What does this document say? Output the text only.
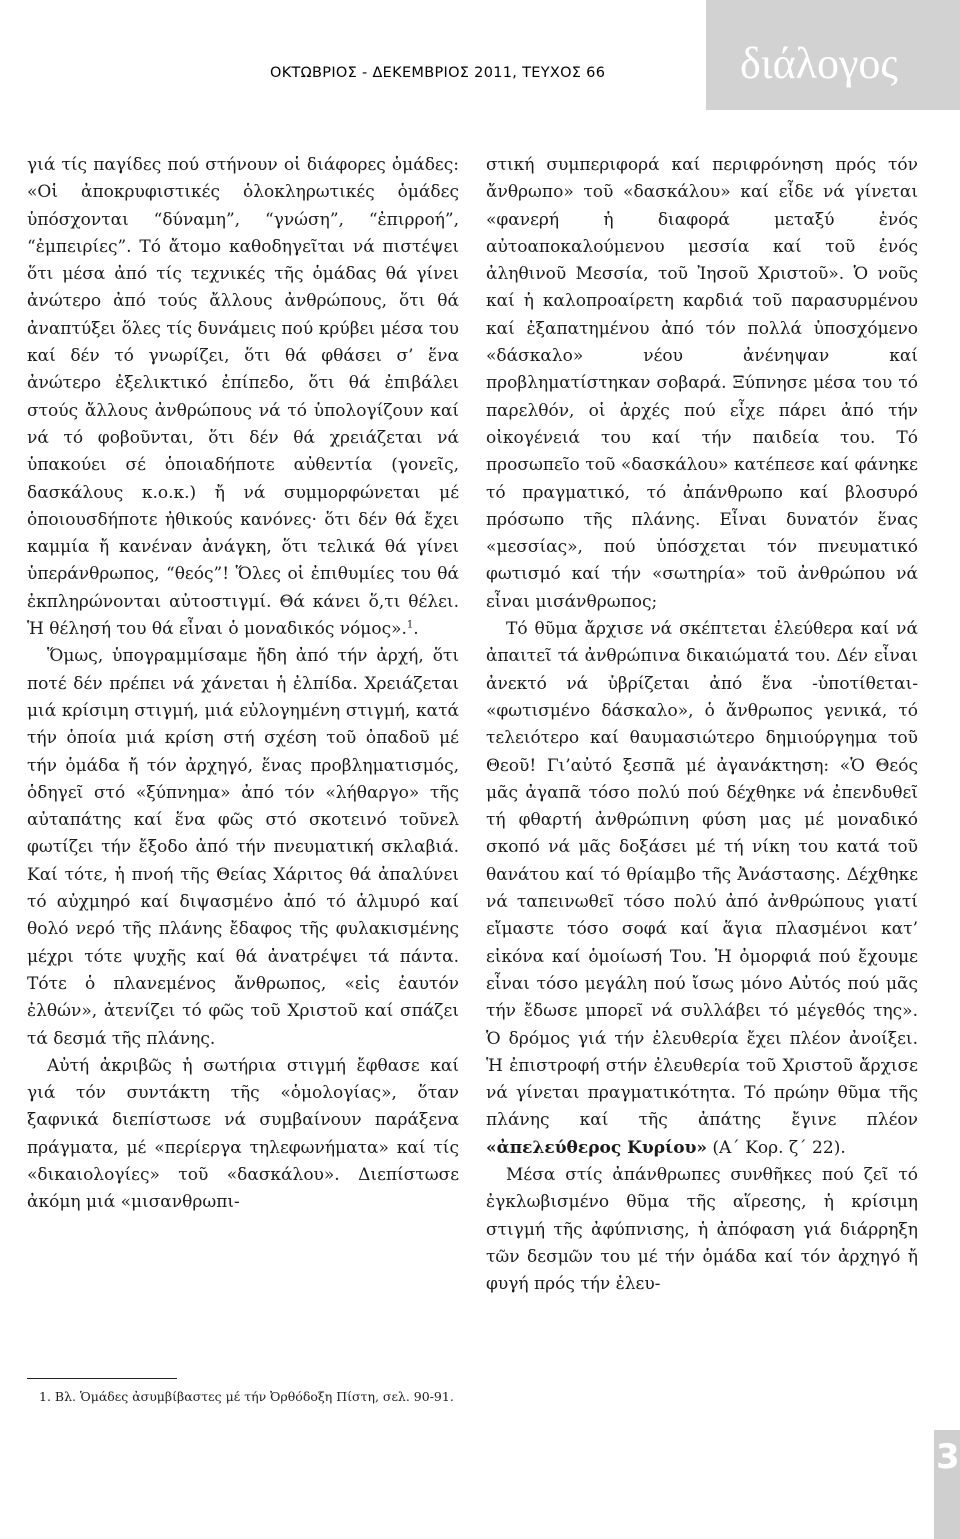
ΟΚΤΩΒΡΙΟΣ - ΔΕΚΕΜΒΡΙΟΣ 2011, ΤΕΥΧΟΣ 66	διάλογος

γιά τίς παγίδες πού στήνουν οἱ διάφορες ὁμάδες: «Οἱ ἀποκρυφιστικές ὁλοκληρωτικές ὁμάδες ὑπόσχονται “δύναμη”, “γνώση”, “ἐπιρροή”, “ἐμπειρίες”. Τό ἄτομο καθοδηγεῖται νά πιστέψει ὅτι μέσα ἀπό τίς τεχνικές τῆς ὁμάδας θά γίνει ἀνώτερο ἀπό τούς ἄλλους ἀνθρώπους, ὅτι θά ἀναπτύξει ὅλες τίς δυνάμεις πού κρύβει μέσα του καί δέν τό γνωρίζει, ὅτι θά φθάσει σ’ ἕνα ἀνώτερο ἐξελικτικό ἐπίπεδο, ὅτι θά ἐπιβάλει στούς ἄλλους ἀνθρώπους νά τό ὑπολογίζουν καί νά τό φοβοῦνται, ὅτι δέν θά χρειάζεται νά ὑπακούει σέ ὁποιαδήποτε αὐθεντία (γονεῖς, δασκάλους κ.ο.κ.) ἤ νά συμμορφώνεται μέ ὁποιουσδήποτε ἠθικούς κανόνες· ὅτι δέν θά ἔχει καμμία ἤ κανέναν ἀνάγκη, ὅτι τελικά θά γίνει ὑπεράνθρωπος, “θεός”! Ὅλες οἱ ἐπιθυμίες του θά ἐκπληρώνονται αὐτοστιγμί. Θά κάνει ὅ,τι θέλει. Ἡ θέλησή του θά εἶναι ὁ μοναδικός νόμος».$^1$.

Ὅμως, ὑπογραμμίσαμε ἤδη ἀπό τήν ἀρχή, ὅτι ποτέ δέν πρέπει νά χάνεται ἡ ἐλπίδα. Χρειάζεται μιά κρίσιμη στιγμή, μιά εὐλογημένη στιγμή, κατά τήν ὁποία μιά κρίση στή σχέση τοῦ ὀπαδοῦ μέ τήν ὁμάδα ἤ τόν ἀρχηγό, ἕνας προβληματισμός, ὁδηγεῖ στό «ξύπνημα» ἀπό τόν «λήθαργο» τῆς αὐταπάτης καί ἕνα φῶς στό σκοτεινό τοῦνελ φωτίζει τήν ἔξοδο ἀπό τήν πνευματική σκλαβιά. Καί τότε, ἡ πνοή τῆς Θείας Χάριτος θά ἀπαλύνει τό αὐχμηρό καί διψασμένο ἀπό τό ἁλμυρό καί θολό νερό τῆς πλάνης ἔδαφος τῆς φυλακισμένης μέχρι τότε ψυχῆς καί θά ἀνατρέψει τά πάντα. Τότε ὁ πλανεμένος ἄνθρωπος, «εἰς ἑαυτόν ἐλθών», ἀτενίζει τό φῶς τοῦ Χριστοῦ καί σπάζει τά δεσμά τῆς πλάνης.

Αὐτή ἀκριβῶς ἡ σωτήρια στιγμή ἔφθασε καί γιά τόν συντάκτη τῆς «ὁμολογίας», ὅταν ξαφνικά διεπίστωσε νά συμβαίνουν παράξενα πράγματα, μέ «περίεργα τηλεφωνήματα» καί τίς «δικαιολογίες» τοῦ «δασκάλου». Διεπίστωσε ἀκόμη μιά «μισανθρωπι-

1. Βλ. Ὁμάδες ἀσυμβίβαστες μέ τήν Ὀρθόδοξη Πίστη, σελ. 90-91.

στική συμπεριφορά καί περιφρόνηση πρός τόν ἄνθρωπο» τοῦ «δασκάλου» καί εἶδε νά γίνεται «φανερή ἡ διαφορά μεταξύ ἑνός αὐτοαποκαλούμενου μεσσία καί τοῦ ἑνός ἀληθινοῦ Μεσσία, τοῦ Ἰησοῦ Χριστοῦ». Ὁ νοῦς καί ἡ καλοπροαίρετη καρδιά τοῦ παρασυρμένου καί ἐξαπατημένου ἀπό τόν πολλά ὑποσχόμενο «δάσκαλο» νέου ἀνένηψαν καί προβληματίστηκαν σοβαρά. Ξύπνησε μέσα του τό παρελθόν, οἱ ἀρχές πού εἶχε πάρει ἀπό τήν οἰκογένειά του καί τήν παιδεία του. Τό προσωπεῖο τοῦ «δασκάλου» κατέπεσε καί φάνηκε τό πραγματικό, τό ἀπάνθρωπο καί βλοσυρό πρόσωπο τῆς πλάνης. Εἶναι δυνατόν ἕνας «μεσσίας», πού ὑπόσχεται τόν πνευματικό φωτισμό καί τήν «σωτηρία» τοῦ ἀνθρώπου νά εἶναι μισάνθρωπος;

Τό θῦμα ἄρχισε νά σκέπτεται ἐλεύθερα καί νά ἀπαιτεῖ τά ἀνθρώπινα δικαιώματά του. Δέν εἶναι ἀνεκτό νά ὑβρίζεται ἀπό ἕνα -ὑποτίθεται- «φωτισμένο δάσκαλο», ὁ ἄνθρωπος γενικά, τό τελειότερο καί θαυμασιώτερο δημιούργημα τοῦ Θεοῦ! Γι’αὐτό ξεσπᾶ μέ ἀγανάκτηση: «Ὁ Θεός μᾶς ἀγαπᾶ τόσο πολύ πού δέχθηκε νά ἐπενδυθεῖ τή φθαρτή ἀνθρώπινη φύση μας μέ μοναδικό σκοπό νά μᾶς δοξάσει μέ τή νίκη του κατά τοῦ θανάτου καί τό θρίαμβο τῆς Ἀνάστασης. Δέχθηκε νά ταπεινωθεῖ τόσο πολύ ἀπό ἀνθρώπους γιατί εἴμαστε τόσο σοφά καί ἅγια πλασμένοι κατ’ εἰκόνα καί ὁμοίωσή Του. Ἡ ὀμορφιά πού ἔχουμε εἶναι τόσο μεγάλη πού ἴσως μόνο Αὐτός πού μᾶς τήν ἔδωσε μπορεῖ νά συλλάβει τό μέγεθός της». Ὁ δρόμος γιά τήν ἐλευθερία ἔχει πλέον ἀνοίξει. Ἡ ἐπιστροφή στήν ἐλευθερία τοῦ Χριστοῦ ἄρχισε νά γίνεται πραγματικότητα. Τό πρώην θῦμα τῆς πλάνης καί τῆς ἀπάτης ἔγινε πλέον «ἀπελεύθερος Κυρίου» (Α΄ Κορ. ζ΄ 22).

Μέσα στίς ἀπάνθρωπες συνθῆκες πού ζεῖ τό ἐγκλωβισμένο θῦμα τῆς αἵρεσης, ἡ κρίσιμη στιγμή τῆς ἀφύπνισης, ἡ ἀπόφαση γιά διάρρηξη τῶν δεσμῶν του μέ τήν ὁμάδα καί τόν ἀρχηγό ἤ φυγή πρός τήν ἐλευ-

3
